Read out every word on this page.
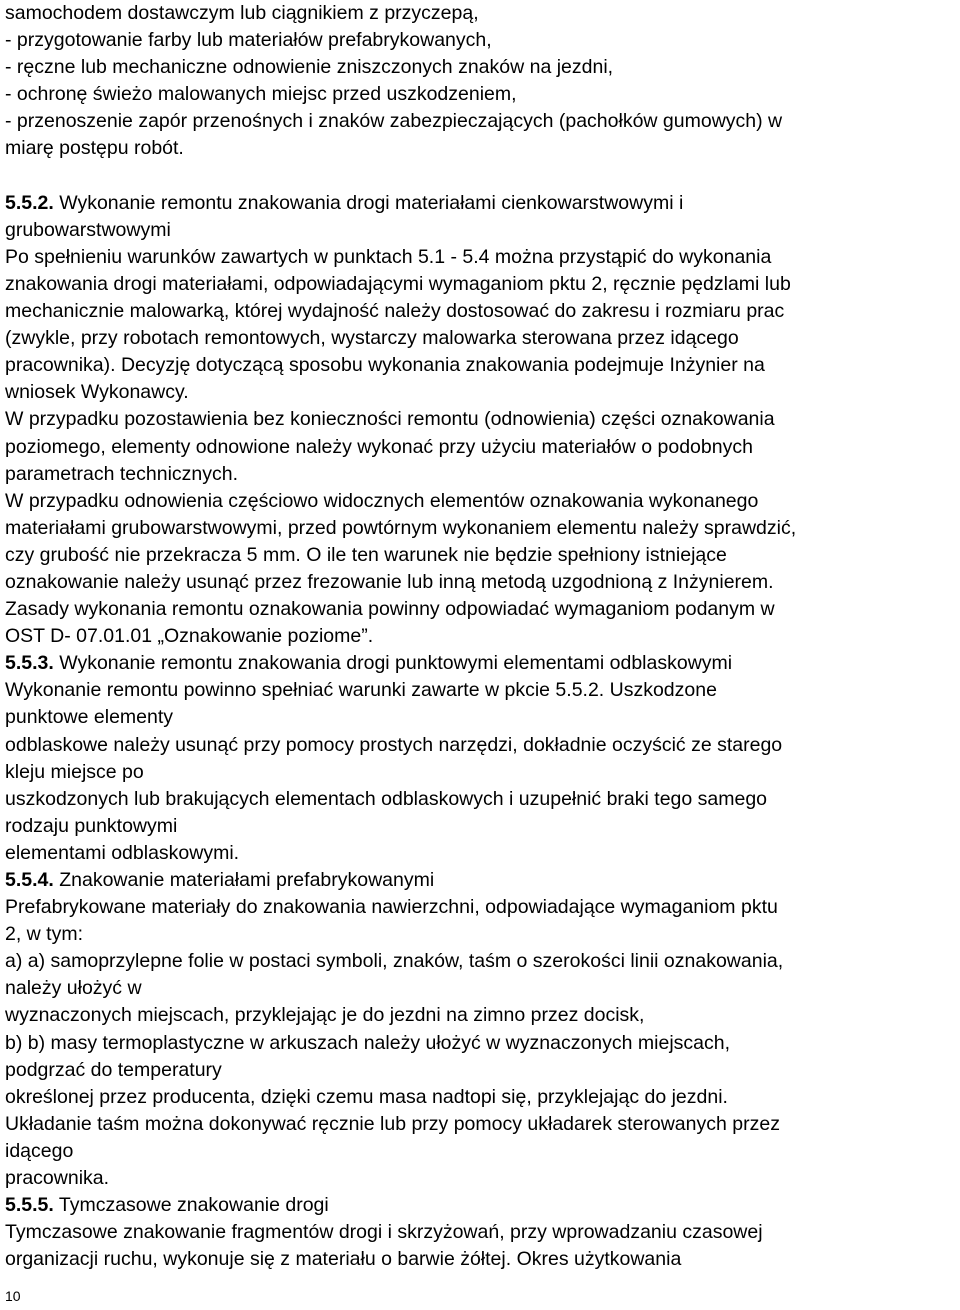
samochodem dostawczym lub ciągnikiem z przyczepą,
- przygotowanie farby lub materiałów prefabrykowanych,
- ręczne lub mechaniczne odnowienie zniszczonych znaków na jezdni,
- ochronę świeżo malowanych miejsc przed uszkodzeniem,
- przenoszenie zapór przenośnych i znaków zabezpieczających (pachołków gumowych) w
miarę postępu robót.
5.5.2. Wykonanie remontu znakowania drogi materiałami cienkowarstwowymi i
grubowarstwowymi
Po spełnieniu warunków zawartych w punktach 5.1 - 5.4 można przystąpić do wykonania
znakowania drogi materiałami, odpowiadającymi wymaganiom pktu 2, ręcznie pędzlami lub
mechanicznie malowarką, której wydajność należy dostosować do zakresu i rozmiaru prac
(zwykle, przy robotach remontowych, wystarczy malowarka sterowana przez idącego
pracownika). Decyzję dotyczącą sposobu wykonania znakowania podejmuje Inżynier na
wniosek Wykonawcy.
W przypadku pozostawienia bez konieczności remontu (odnowienia) części oznakowania
poziomego, elementy odnowione należy wykonać przy użyciu materiałów o podobnych
parametrach technicznych.
W przypadku odnowienia częściowo widocznych elementów oznakowania wykonanego
materiałami grubowarstwowymi, przed powtórnym wykonaniem elementu należy sprawdzić,
czy grubość nie przekracza 5 mm. O ile ten warunek nie będzie spełniony istniejące
oznakowanie należy usunąć przez frezowanie lub inną metodą uzgodnioną z Inżynierem.
Zasady wykonania remontu oznakowania powinny odpowiadać wymaganiom podanym w
OST D- 07.01.01 „Oznakowanie poziome”.
5.5.3. Wykonanie remontu znakowania drogi punktowymi elementami odblaskowymi
Wykonanie remontu powinno spełniać warunki zawarte w pkcie 5.5.2. Uszkodzone
punktowe elementy
odblaskowe należy usunąć przy pomocy prostych narzędzi, dokładnie oczyścić ze starego
kleju miejsce po
uszkodzonych lub brakujących elementach odblaskowych i uzupełnić braki tego samego
rodzaju punktowymi
elementami odblaskowymi.
5.5.4. Znakowanie materiałami prefabrykowanymi
Prefabrykowane materiały do znakowania nawierzchni, odpowiadające wymaganiom pktu
2, w tym:
a) a) samoprzylepne folie w postaci symboli, znaków, taśm o szerokości linii oznakowania,
należy ułożyć w
wyznaczonych miejscach, przyklejając je do jezdni na zimno przez docisk,
b) b) masy termoplastyczne w arkuszach należy ułożyć w wyznaczonych miejscach,
podgrzać do temperatury
określonej przez producenta, dzięki czemu masa nadtopi się, przyklejając do jezdni.
Układanie taśm można dokonywać ręcznie lub przy pomocy układarek sterowanych przez
idącego
pracownika.
5.5.5. Tymczasowe znakowanie drogi
Tymczasowe znakowanie fragmentów drogi i skrzyżowań, przy wprowadzaniu czasowej
organizacji ruchu, wykonuje się z materiału o barwie żółtej. Okres użytkowania
10
